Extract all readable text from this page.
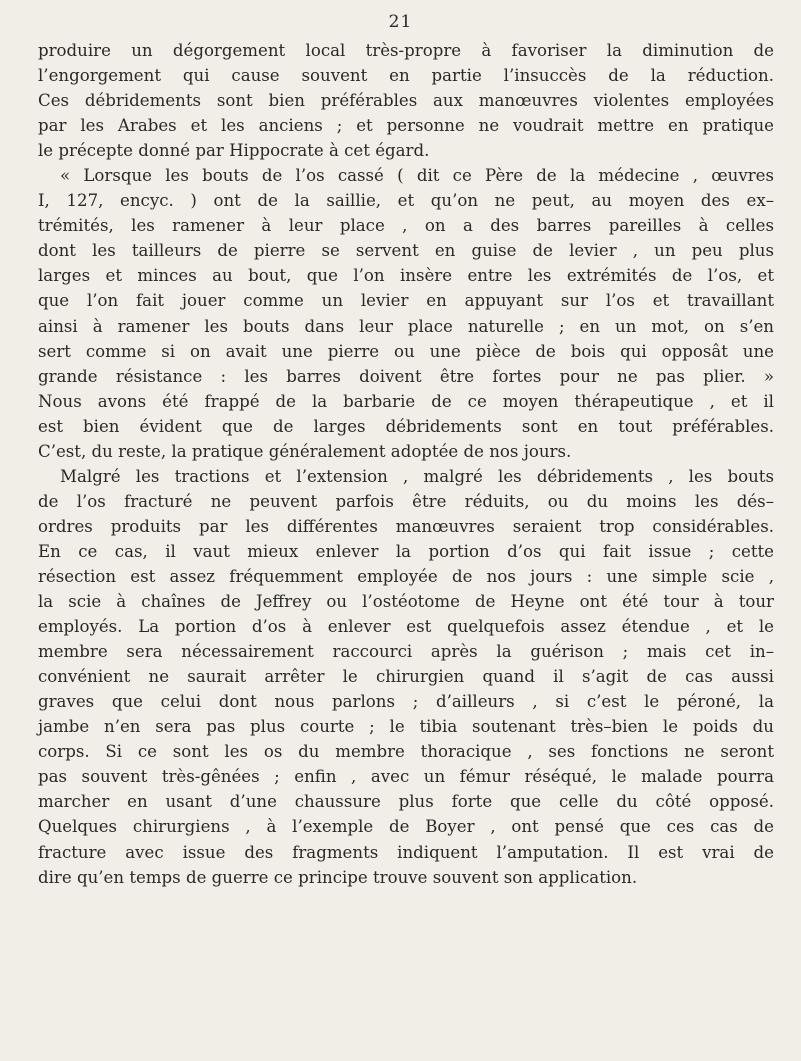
21
produire un dégorgement local très-propre à favoriser la diminution de
l’engorgement qui cause souvent en partie l’insuccès de la réduction.
Ces débridements sont bien préférables aux manœuvres violentes employées
par les Arabes et les anciens ; et personne ne voudrait mettre en pratique
le précepte donné par Hippocrate à cet égard.
« Lorsque les bouts de l’os cassé ( dit ce Père de la médecine , œuvres
I, 127, encyc. ) ont de la saillie, et qu’on ne peut, au moyen des ex–
trémités, les ramener à leur place , on a des barres pareilles à celles
dont les tailleurs de pierre se servent en guise de levier , un peu plus
larges et minces au bout, que l’on insère entre les extrémités de l’os, et
que l’on fait jouer comme un levier en appuyant sur l’os et travaillant
ainsi à ramener les bouts dans leur place naturelle ; en un mot, on s’en
sert comme si on avait une pierre ou une pièce de bois qui opposât une
grande résistance : les barres doivent être fortes pour ne pas plier. »
Nous avons été frappé de la barbarie de ce moyen thérapeutique , et il
est bien évident que de larges débridements sont en tout préférables.
C’est, du reste, la pratique généralement adoptée de nos jours.
Malgré les tractions et l’extension , malgré les débridements , les bouts
de l’os fracturé ne peuvent parfois être réduits, ou du moins les dés–
ordres produits par les différentes manœuvres seraient trop considérables.
En ce cas, il vaut mieux enlever la portion d’os qui fait issue ; cette
résection est assez fréquemment employée de nos jours : une simple scie ,
la scie à chaînes de Jeffrey ou l’ostéotome de Heyne ont été tour à tour
employés. La portion d’os à enlever est quelquefois assez étendue , et le
membre sera nécessairement raccourci après la guérison ; mais cet in–
convénient ne saurait arrêter le chirurgien quand il s’agit de cas aussi
graves que celui dont nous parlons ; d’ailleurs , si c’est le péroné, la
jambe n’en sera pas plus courte ; le tibia soutenant très–bien le poids du
corps. Si ce sont les os du membre thoracique , ses fonctions ne seront
pas souvent très-gênées ; enfin , avec un fémur réséqué, le malade pourra
marcher en usant d’une chaussure plus forte que celle du côté opposé.
Quelques chirurgiens , à l’exemple de Boyer , ont pensé que ces cas de
fracture avec issue des fragments indiquent l’amputation. Il est vrai de
dire qu’en temps de guerre ce principe trouve souvent son application.
